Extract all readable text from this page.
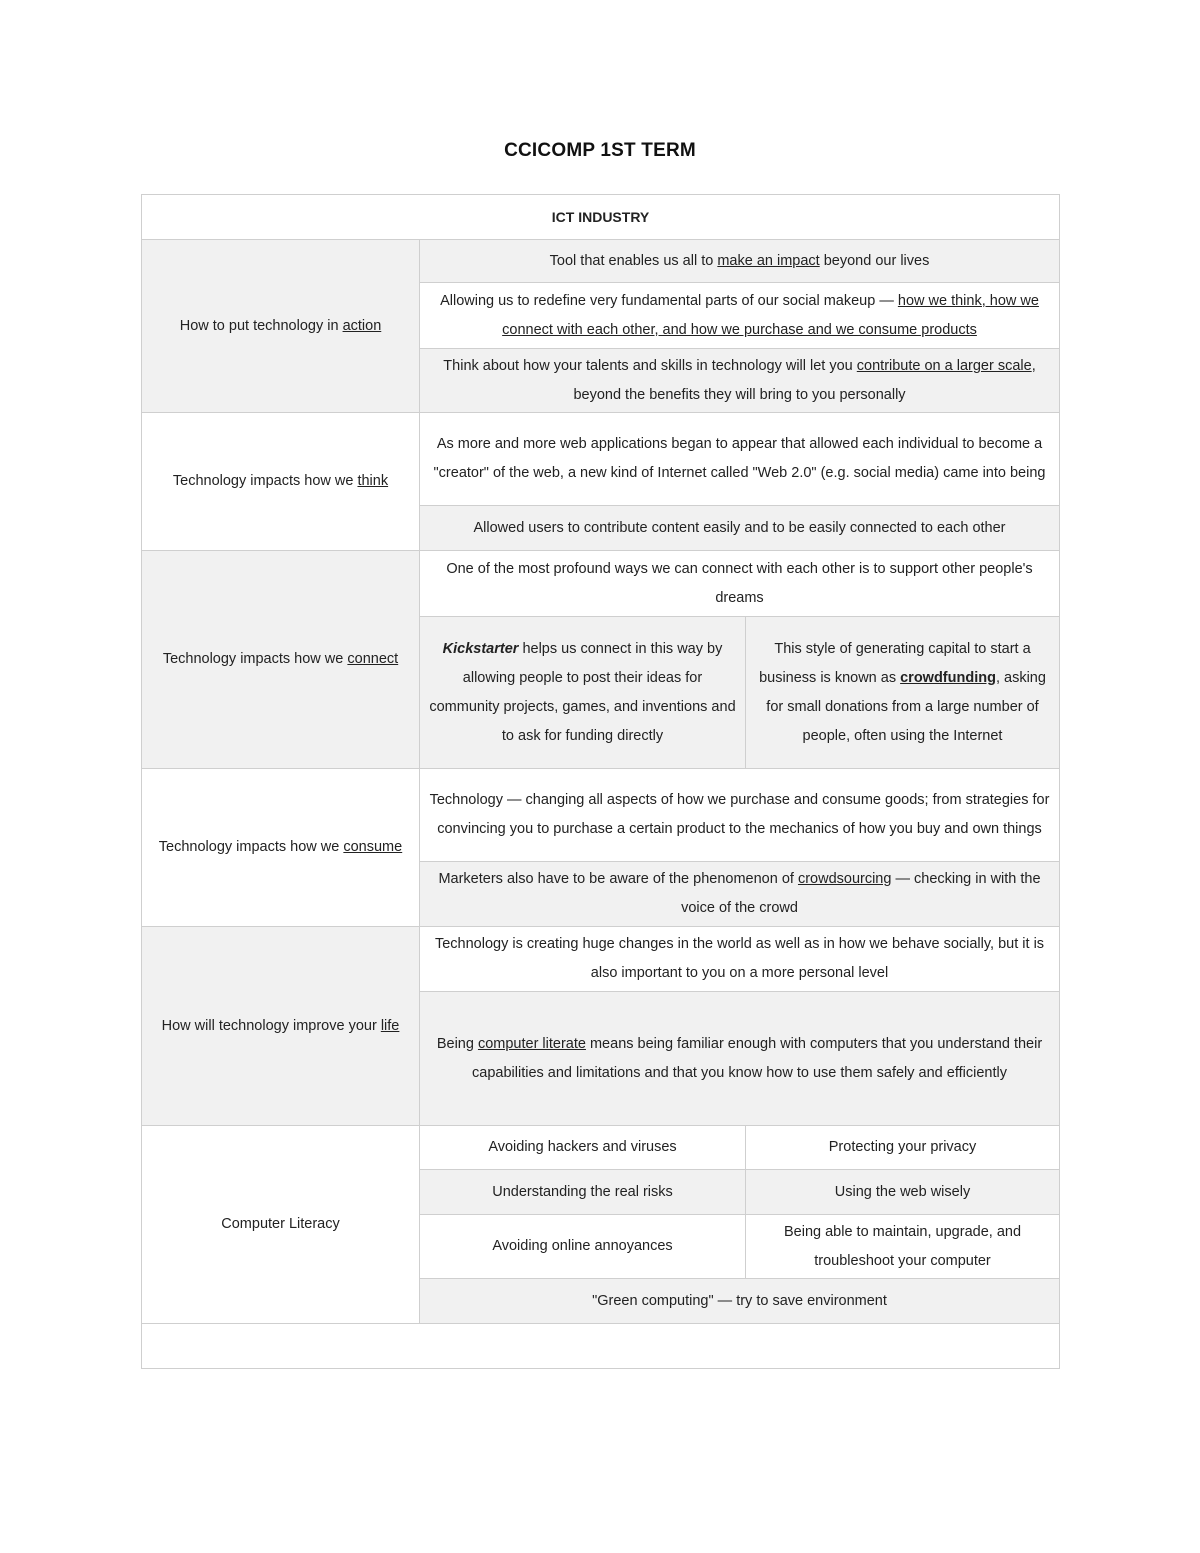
CCICOMP 1ST TERM
ICT INDUSTRY		
How to put technology in action	Tool that enables us all to make an impact beyond our lives	
	Allowing us to redefine very fundamental parts of our social makeup — how we think, how we connect with each other, and how we purchase and we consume products	
	Think about how your talents and skills in technology will let you contribute on a larger scale, beyond the benefits they will bring to you personally	
Technology impacts how we think	As more and more web applications began to appear that allowed each individual to become a "creator" of the web, a new kind of Internet called "Web 2.0" (e.g. social media) came into being	
	Allowed users to contribute content easily and to be easily connected to each other	
Technology impacts how we connect	One of the most profound ways we can connect with each other is to support other people's dreams	
	Kickstarter helps us connect in this way by allowing people to post their ideas for community projects, games, and inventions and to ask for funding directly	This style of generating capital to start a business is known as crowdfunding, asking for small donations from a large number of people, often using the Internet
Technology impacts how we consume	Technology — changing all aspects of how we purchase and consume goods; from strategies for convincing you to purchase a certain product to the mechanics of how you buy and own things	
	Marketers also have to be aware of the phenomenon of crowdsourcing — checking in with the voice of the crowd	
How will technology improve your life	Technology is creating huge changes in the world as well as in how we behave socially, but it is also important to you on a more personal level	
	Being computer literate means being familiar enough with computers that you understand their capabilities and limitations and that you know how to use them safely and efficiently	
Computer Literacy	Avoiding hackers and viruses	Protecting your privacy
	Understanding the real risks	Using the web wisely
	Avoiding online annoyances	Being able to maintain, upgrade, and troubleshoot your computer
	"Green computing" — try to save environment	
